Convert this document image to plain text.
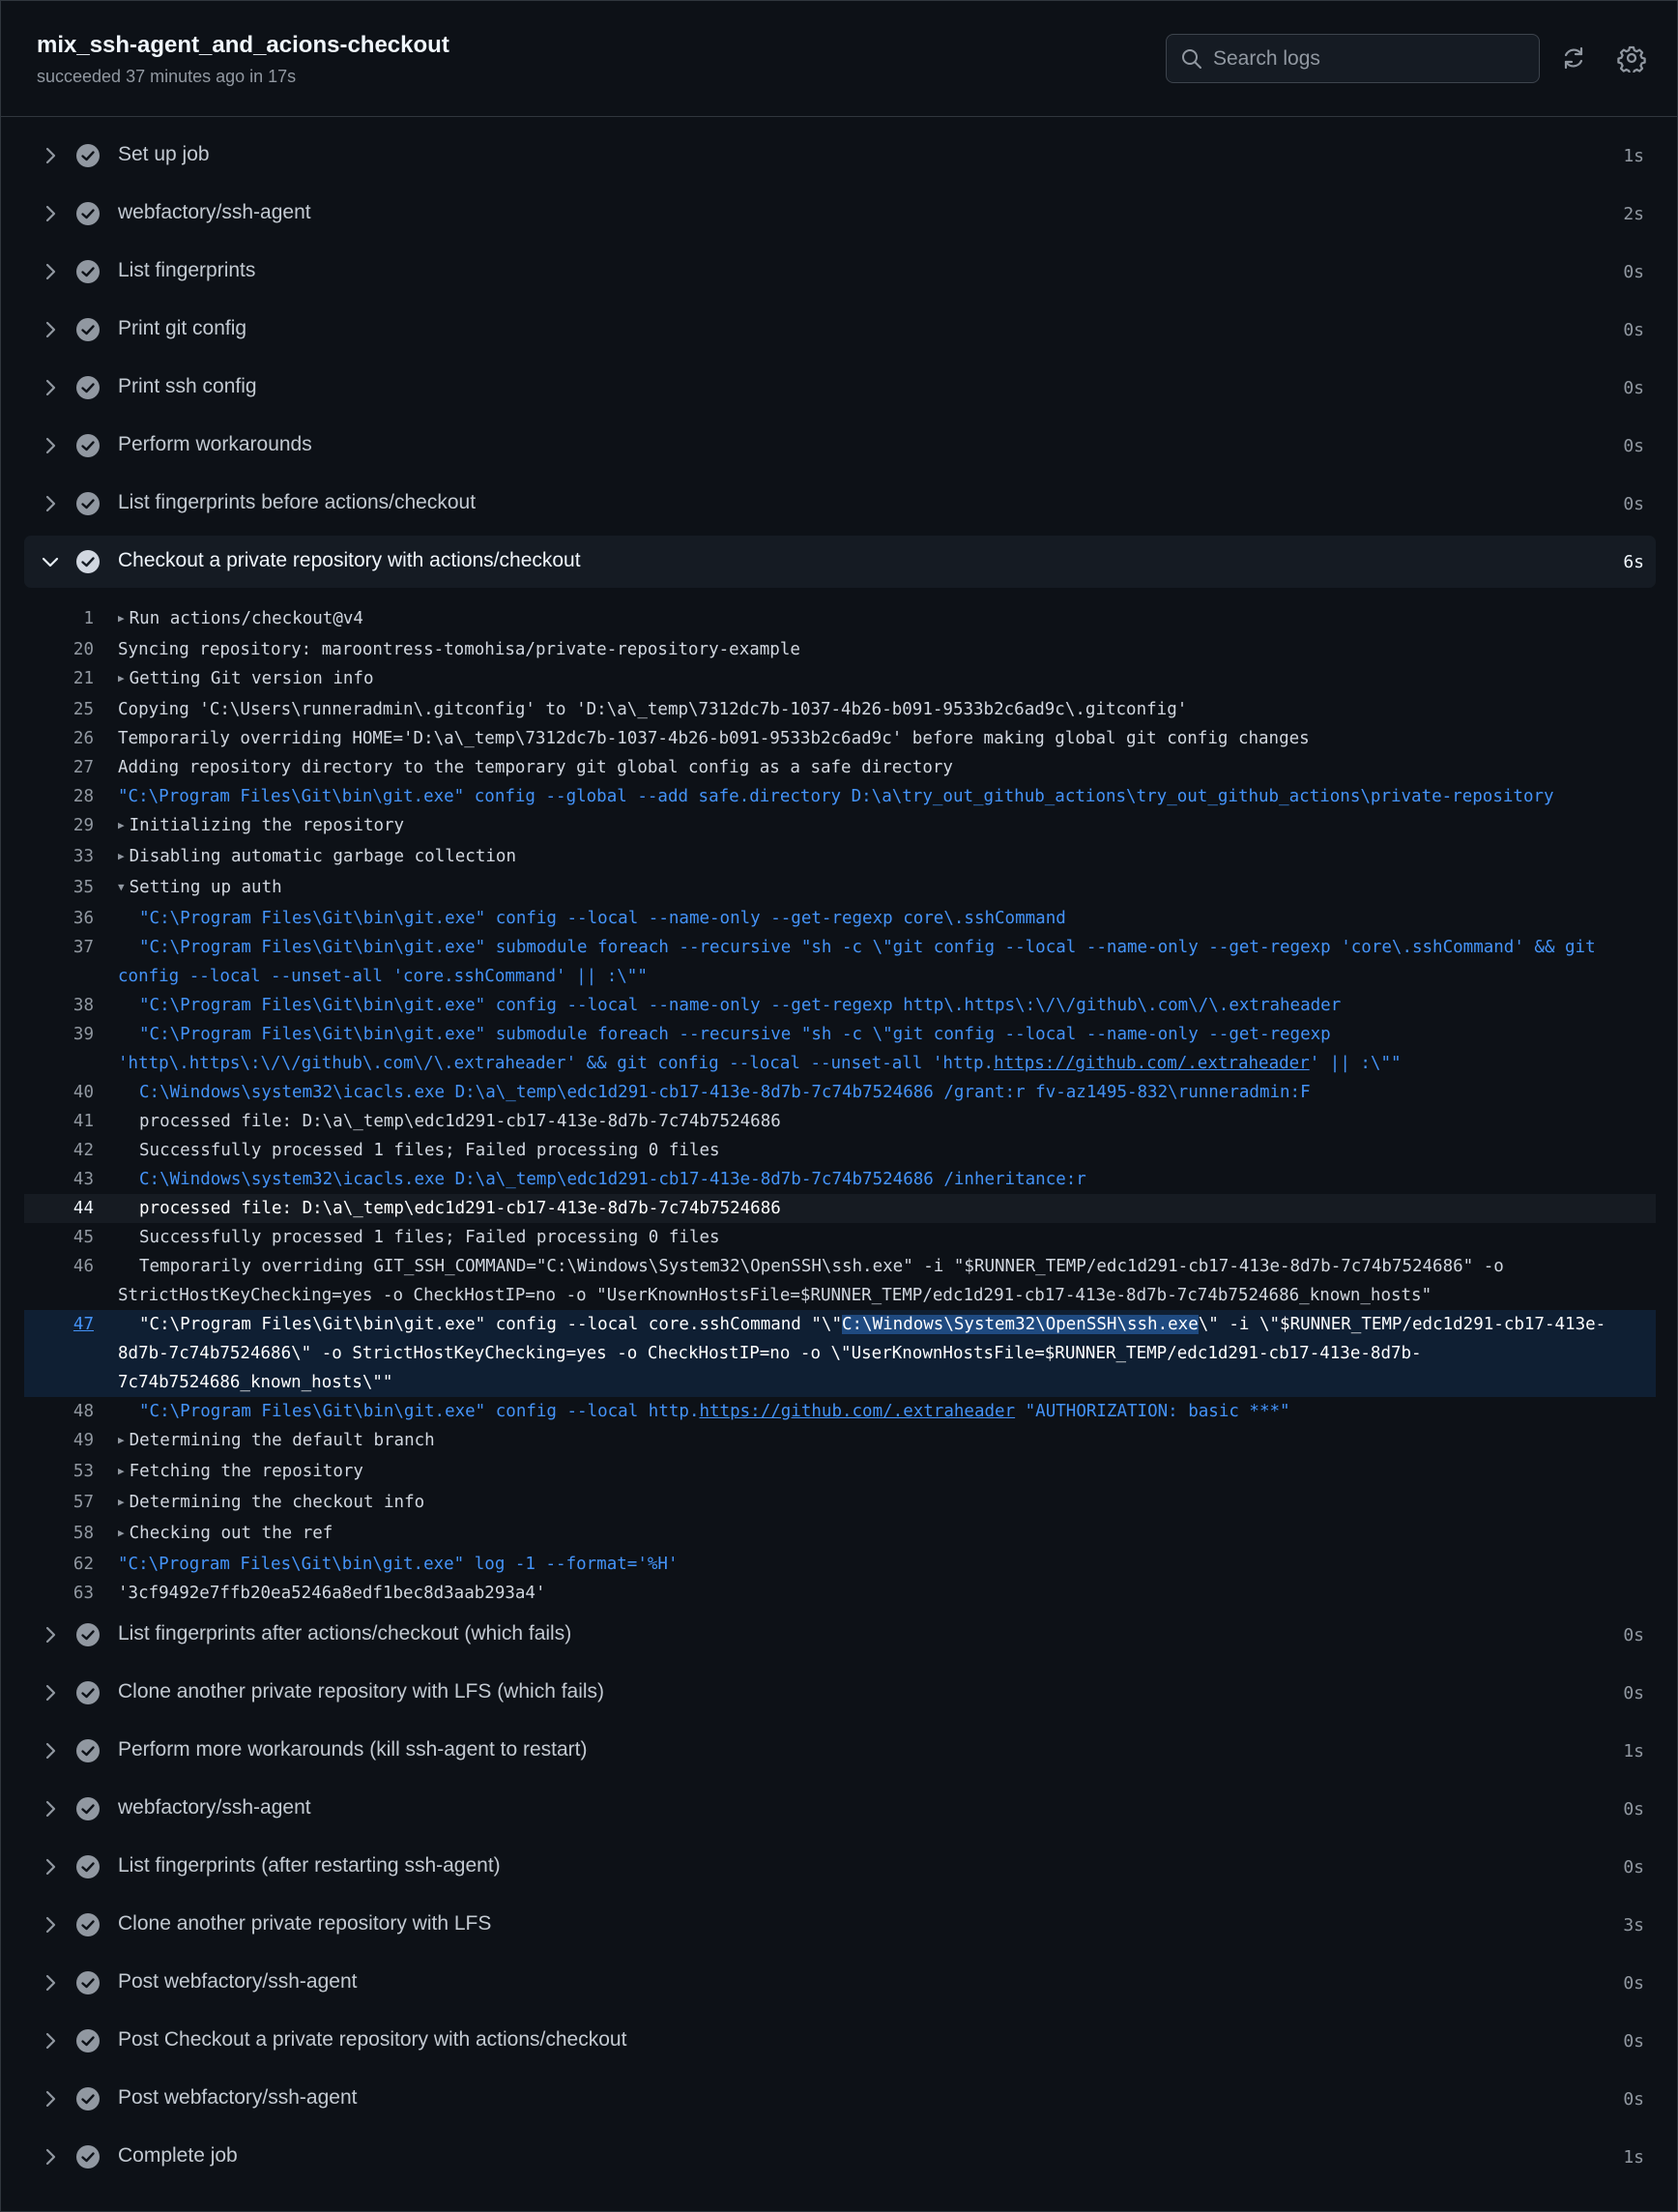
mix_ssh-agent_and_acions-checkout
succeeded 37 minutes ago in 17s
Search logs
Set up job	1s
webfactory/ssh-agent	2s
List fingerprints	0s
Print git config	0s
Print ssh config	0s
Perform workarounds	0s
List fingerprints before actions/checkout	0s
Checkout a private repository with actions/checkout	6s
1	▶ Run actions/checkout@v4
20 Syncing repository: maroontress-tomohisa/private-repository-example
21	▶ Getting Git version info
25 Copying 'C:\Users\runneradmin\.gitconfig' to 'D:\a\_temp\7312dc7b-1037-4b26-b091-9533b2c6ad9c\.gitconfig'
26 Temporarily overriding HOME='D:\a\_temp\7312dc7b-1037-4b26-b091-9533b2c6ad9c' before making global git config changes
27 Adding repository directory to the temporary git global config as a safe directory
28 "C:\Program Files\Git\bin\git.exe" config --global --add safe.directory D:\a\try_out_github_actions\try_out_github_actions\private-repository
29	▶ Initializing the repository
33	▶ Disabling automatic garbage collection
35	▼ Setting up auth
36	"C:\Program Files\Git\bin\git.exe" config --local --name-only --get-regexp core\.sshCommand
37	"C:\Program Files\Git\bin\git.exe" submodule foreach --recursive "sh -c \"git config --local --name-only --get-regexp 'core\.sshCommand' && git
config --local --unset-all 'core.sshCommand' || :\""
38	"C:\Program Files\Git\bin\git.exe" config --local --name-only --get-regexp http\.https\:\/\/github\.com\/\.extraheader
39	"C:\Program Files\Git\bin\git.exe" submodule foreach --recursive "sh -c \"git config --local --name-only --get-regexp
'http\.https\:\/\/github\.com\/\.extraheader' && git config --local --unset-all 'http.https://github.com/.extraheader' || :\""
40	C:\Windows\system32\icacls.exe D:\a\_temp\edc1d291-cb17-413e-8d7b-7c74b7524686 /grant:r fv-az1495-832\runneradmin:F
41	processed file: D:\a\_temp\edc1d291-cb17-413e-8d7b-7c74b7524686
42	Successfully processed 1 files; Failed processing 0 files
43	C:\Windows\system32\icacls.exe D:\a\_temp\edc1d291-cb17-413e-8d7b-7c74b7524686 /inheritance:r
44	processed file: D:\a\_temp\edc1d291-cb17-413e-8d7b-7c74b7524686
45	Successfully processed 1 files; Failed processing 0 files
46	Temporarily overriding GIT_SSH_COMMAND="C:\Windows\System32\OpenSSH\ssh.exe" -i "$RUNNER_TEMP/edc1d291-cb17-413e-8d7b-7c74b7524686" -o
StrictHostKeyChecking=yes -o CheckHostIP=no -o "UserKnownHostsFile=$RUNNER_TEMP/edc1d291-cb17-413e-8d7b-7c74b7524686_known_hosts"
47	"C:\Program Files\Git\bin\git.exe" config --local core.sshCommand "\"C:\Windows\System32\OpenSSH\ssh.exe\" -i \"$RUNNER_TEMP/edc1d291-cb17-413e-
8d7b-7c74b7524686\" -o StrictHostKeyChecking=yes -o CheckHostIP=no -o \"UserKnownHostsFile=$RUNNER_TEMP/edc1d291-cb17-413e-8d7b-
7c74b7524686_known_hosts\""
48	"C:\Program Files\Git\bin\git.exe" config --local http.https://github.com/.extraheader "AUTHORIZATION: basic ***"
49	▶ Determining the default branch
53	▶ Fetching the repository
57	▶ Determining the checkout info
58	▶ Checking out the ref
62 "C:\Program Files\Git\bin\git.exe" log -1 --format='%H'
63 '3cf9492e7ffb20ea5246a8edf1bec8d3aab293a4'
List fingerprints after actions/checkout (which fails)	0s
Clone another private repository with LFS (which fails)	0s
Perform more workarounds (kill ssh-agent to restart)	1s
webfactory/ssh-agent	0s
List fingerprints (after restarting ssh-agent)	0s
Clone another private repository with LFS	3s
Post webfactory/ssh-agent	0s
Post Checkout a private repository with actions/checkout	0s
Post webfactory/ssh-agent	0s
Complete job	1s
